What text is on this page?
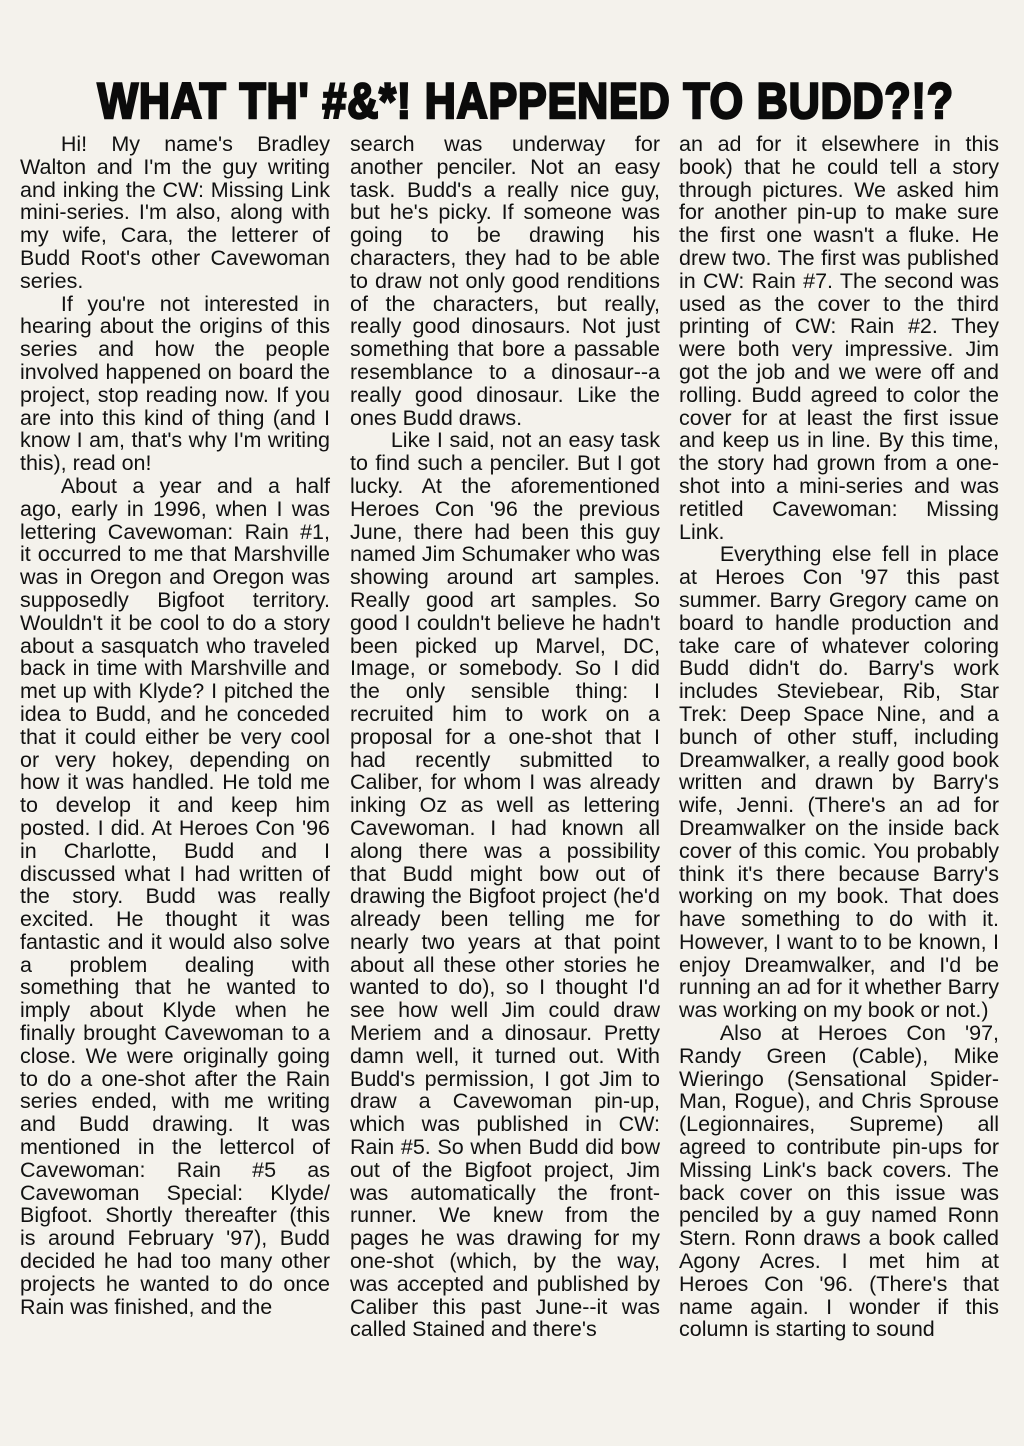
WHAT TH' #&*! HAPPENED TO BUDD?!?

Hi! My name's Bradley Walton and I'm the guy writing and inking the CW: Missing Link mini-series. I'm also, along with my wife, Cara, the letterer of Budd Root's other Cavewoman series.

If you're not interested in hearing about the origins of this series and how the people involved happened on board the project, stop reading now. If you are into this kind of thing (and I know I am, that's why I'm writing this), read on!

About a year and a half ago, early in 1996, when I was lettering Cavewoman: Rain #1, it occurred to me that Marshville was in Oregon and Oregon was supposedly Bigfoot territory. Wouldn't it be cool to do a story about a sasquatch who traveled back in time with Marshville and met up with Klyde? I pitched the idea to Budd, and he conceded that it could either be very cool or very hokey, depending on how it was handled. He told me to develop it and keep him posted. I did. At Heroes Con '96 in Charlotte, Budd and I discussed what I had written of the story. Budd was really excited. He thought it was fantastic and it would also solve a problem dealing with something that he wanted to imply about Klyde when he finally brought Cavewoman to a close. We were originally going to do a one-shot after the Rain series ended, with me writing and Budd drawing. It was mentioned in the lettercol of Cavewoman: Rain #5 as Cavewoman Special: Klyde/ Bigfoot. Shortly thereafter (this is around February '97), Budd decided he had too many other projects he wanted to do once Rain was finished, and the

search was underway for another penciler. Not an easy task. Budd's a really nice guy, but he's picky. If someone was going to be drawing his characters, they had to be able to draw not only good renditions of the characters, but really, really good dinosaurs. Not just something that bore a passable resemblance to a dinosaur--a really good dinosaur. Like the ones Budd draws.

Like I said, not an easy task to find such a penciler. But I got lucky. At the aforementioned Heroes Con '96 the previous June, there had been this guy named Jim Schumaker who was showing around art samples. Really good art samples. So good I couldn't believe he hadn't been picked up Marvel, DC, Image, or somebody. So I did the only sensible thing: I recruited him to work on a proposal for a one-shot that I had recently submitted to Caliber, for whom I was already inking Oz as well as lettering Cavewoman. I had known all along there was a possibility that Budd might bow out of drawing the Bigfoot project (he'd already been telling me for nearly two years at that point about all these other stories he wanted to do), so I thought I'd see how well Jim could draw Meriem and a dinosaur. Pretty damn well, it turned out. With Budd's permission, I got Jim to draw a Cavewoman pin-up, which was published in CW: Rain #5. So when Budd did bow out of the Bigfoot project, Jim was automatically the front-runner. We knew from the pages he was drawing for my one-shot (which, by the way, was accepted and published by Caliber this past June--it was called Stained and there's

an ad for it elsewhere in this book) that he could tell a story through pictures. We asked him for another pin-up to make sure the first one wasn't a fluke. He drew two. The first was published in CW: Rain #7. The second was used as the cover to the third printing of CW: Rain #2. They were both very impressive. Jim got the job and we were off and rolling. Budd agreed to color the cover for at least the first issue and keep us in line. By this time, the story had grown from a one-shot into a mini-series and was retitled Cavewoman: Missing Link.

Everything else fell in place at Heroes Con '97 this past summer. Barry Gregory came on board to handle production and take care of whatever coloring Budd didn't do. Barry's work includes Steviebear, Rib, Star Trek: Deep Space Nine, and a bunch of other stuff, including Dreamwalker, a really good book written and drawn by Barry's wife, Jenni. (There's an ad for Dreamwalker on the inside back cover of this comic. You probably think it's there because Barry's working on my book. That does have something to do with it. However, I want to to be known, I enjoy Dreamwalker, and I'd be running an ad for it whether Barry was working on my book or not.)

Also at Heroes Con '97, Randy Green (Cable), Mike Wieringo (Sensational Spider-Man, Rogue), and Chris Sprouse (Legionnaires, Supreme) all agreed to contribute pin-ups for Missing Link's back covers. The back cover on this issue was penciled by a guy named Ronn Stern. Ronn draws a book called Agony Acres. I met him at Heroes Con '96. (There's that name again. I wonder if this column is starting to sound
